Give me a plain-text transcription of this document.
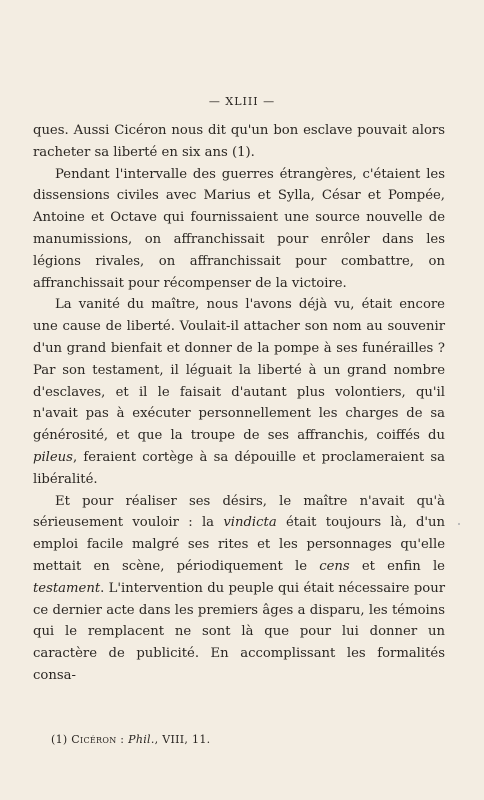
— XLIII —

ques. Aussi Cicéron nous dit qu'un bon esclave pouvait alors racheter sa liberté en six ans (1).

Pendant l'intervalle des guerres étrangères, c'étaient les dissensions civiles avec Marius et Sylla, César et Pompée, Antoine et Octave qui fournissaient une source nouvelle de manumissions, on affranchissait pour enrôler dans les légions rivales, on affranchissait pour combattre, on affranchissait pour récompenser de la victoire.

La vanité du maître, nous l'avons déjà vu, était encore une cause de liberté. Voulait-il attacher son nom au souvenir d'un grand bienfait et donner de la pompe à ses funérailles ? Par son testament, il léguait la liberté à un grand nombre d'esclaves, et il le faisait d'autant plus volontiers, qu'il n'avait pas à exécuter personnellement les charges de sa générosité, et que la troupe de ses affranchis, coiffés du pileus, feraient cortège à sa dépouille et proclameraient sa libéralité.

Et pour réaliser ses désirs, le maître n'avait qu'à sérieusement vouloir : la vindicta était toujours là, d'un emploi facile malgré ses rites et les personnages qu'elle mettait en scène, périodiquement le cens et enfin le testament. L'intervention du peuple qui était nécessaire pour ce dernier acte dans les premiers âges a disparu, les témoins qui le remplacent ne sont là que pour lui donner un caractère de publicité. En accomplissant les formalités consa-

(1) Cicéron : Phil., VIII, 11.
